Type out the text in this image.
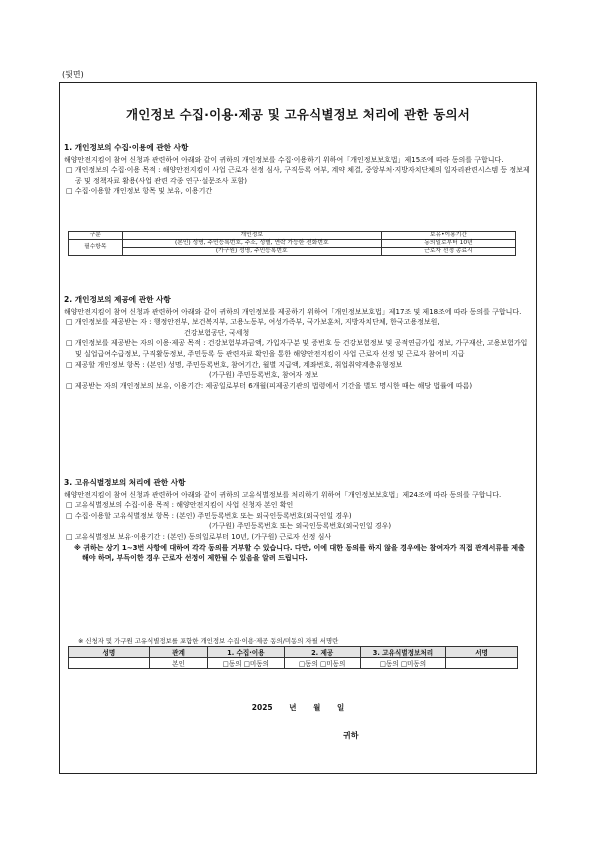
(뒷면)
개인정보 수집·이용·제공 및 고유식별정보 처리에 관한 동의서
1. 개인정보의 수집·이용에 관한 사항
해양안전지킴이 참여 신청과 관련하여 아래와 같이 귀하의 개인정보를 수집·이용하기 위하여「개인정보보호법」제15조에 따라 동의를 구합니다.
□ 개인정보의 수집·이용 목적 : 해양안전지킴이 사업 근로자 선정 심사, 구직등록 여부, 계약 체결, 중앙부처·지방자치단체의 일자리관련시스템 등 정보제공 및 정책자료 활용(사업 관련 각종 연구·설문조사 포함)
□ 수집·이용할 개인정보 항목 및 보유, 이용기간
구분	개인정보	보유•이용기간
필수항목	(본인) 성명, 주민등록번호, 주소, 성별, 연락 가능한 전화번호	동의일로부터 10년
	(가구원) 성명, 주민등록번호	근로자 선정 종료시
2. 개인정보의 제공에 관한 사항
해양안전지킴이 참여 신청과 관련하여 아래와 같이 귀하의 개인정보를 제공하기 위하여「개인정보보호법」제17조 및 제18조에 따라 동의를 구합니다.
□ 개인정보를 제공받는 자 : 행정안전부, 보건복지부, 고용노동부, 여성가족부, 국가보훈처, 지방자치단체, 한국고용정보원,
건강보험공단, 국세청
□ 개인정보를 제공받는 자의 이용·제공 목적 : 건강보험부과금액, 가입자구분 및 증번호 등 건강보험정보 및 공적연금가입 정보, 가구재산, 고용보험가입 및 실업급여수급정보, 구직활동정보, 주민등록 등 관련자료 확인을 통한 해양안전지킴이 사업 근로자 선정 및 근로자 참여비 지급
□ 제공할 개인정보 항목 : (본인) 성명, 주민등록번호, 참여기간, 월별 지급액, 계좌번호, 취업취약계층유형정보
(가구원) 주민등록번호, 참여자 정보
□ 제공받는 자의 개인정보의 보유, 이용기간: 제공일로부터 6개월(피제공기관의 법령에서 기간을 별도 명시한 때는 해당 법률에 따름)
3. 고유식별정보의 처리에 관한 사항
해양안전지킴이 참여 신청과 관련하여 아래와 같이 귀하의 고유식별정보를 처리하기 위하여「개인정보보호법」제24조에 따라 동의를 구합니다.
□ 고유식별정보의 수집·이용 목적 : 해양안전지킴이 사업 신청자 본인 확인
□ 수집·이용할 고유식별정보 항목 : (본인) 주민등록번호 또는 외국인등록번호(외국인일 경우)
(가구원) 주민등록번호 또는 외국인등록번호(외국인일 경우)
□ 고유식별정보 보유·이용기간 : (본인) 동의일로부터 10년, (가구원) 근로자 선정 심사
※ 귀하는 상기 1~3번 사항에 대하여 각각 동의를 거부할 수 있습니다. 다만, 이에 대한 동의를 하지 않을 경우에는 참여자가 직접 관계서류를 제출해야 하며, 부득이한 경우 근로자 선정이 제한될 수 있음을 알려 드립니다.
※ 신청자 및 가구원 고유식별정보를 포함한 개인정보 수집·이용·제공 동의/미동의 자필 서명란
성명	관계	1. 수집·이용	2. 제공	3. 고유식별정보처리	서명
	본인	□동의 □미동의	□동의 □미동의	□동의 □미동의	
2025 년 월 일
귀하
